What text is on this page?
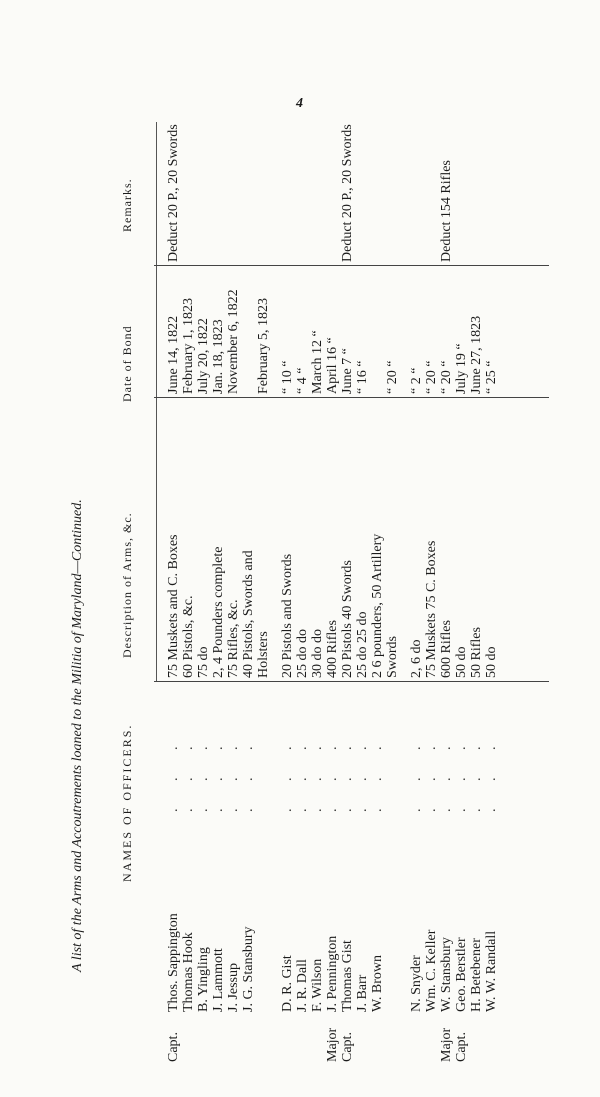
4
A list of the Arms and Accoutrements loaned to the Militia of Maryland—Continued.	NAMES OF OFFICERS.
Description of Arms, &c.
Date of Bond
Remarks.
Capt.
Thos. Sappington
. . .
75 Muskets and C. Boxes
June 14, 1822
Deduct 20 P., 20 Swords
Thomas Hook
. . .
60 Pistols, &c.
February 1, 1823
B. Yingling
. . .
75 do
July 20, 1822
J. Lammott
. . .
2, 4 Pounders complete
Jan. 18, 1823
J. Jessup
. . .
75 Rifles, &c.
November 6, 1822
J. G. Stansbury
. . .
40 Pistols, Swords and Holsters
February 5, 1823
D. R. Gist
. . .
20 Pistols and Swords
“ 10 “
J. R. Dall
. . .
25 do do
“ 4 “
F. Wilson
. . .
30 do do
March 12 “
Major
J. Pennington
. . .
400 Rifles
April 16 “
Capt.
Thomas Gist
. . .
20 Pistols 40 Swords
June 7 “
Deduct 20 P., 20 Swords
J. Barr
. . .
25 do 25 do
“ 16 “
W. Brown
. . .
2 6 pounders, 50 Artillery Swords
“ 20 “
N. Snyder
. . .
2, 6 do
“ 2 “
Wm. C. Keller
. . .
75 Muskets 75 C. Boxes
“ 20 “
Major
W. Stansbury
. . .
600 Rifles
“ 20 “
Deduct 154 Rifles
Capt.
Geo. Berstler
. . .
50 do
July 19 “
H. Betebener
. . .
50 Rifles
June 27, 1823
W. W. Randall
. . .
50 do
“ 25 “
